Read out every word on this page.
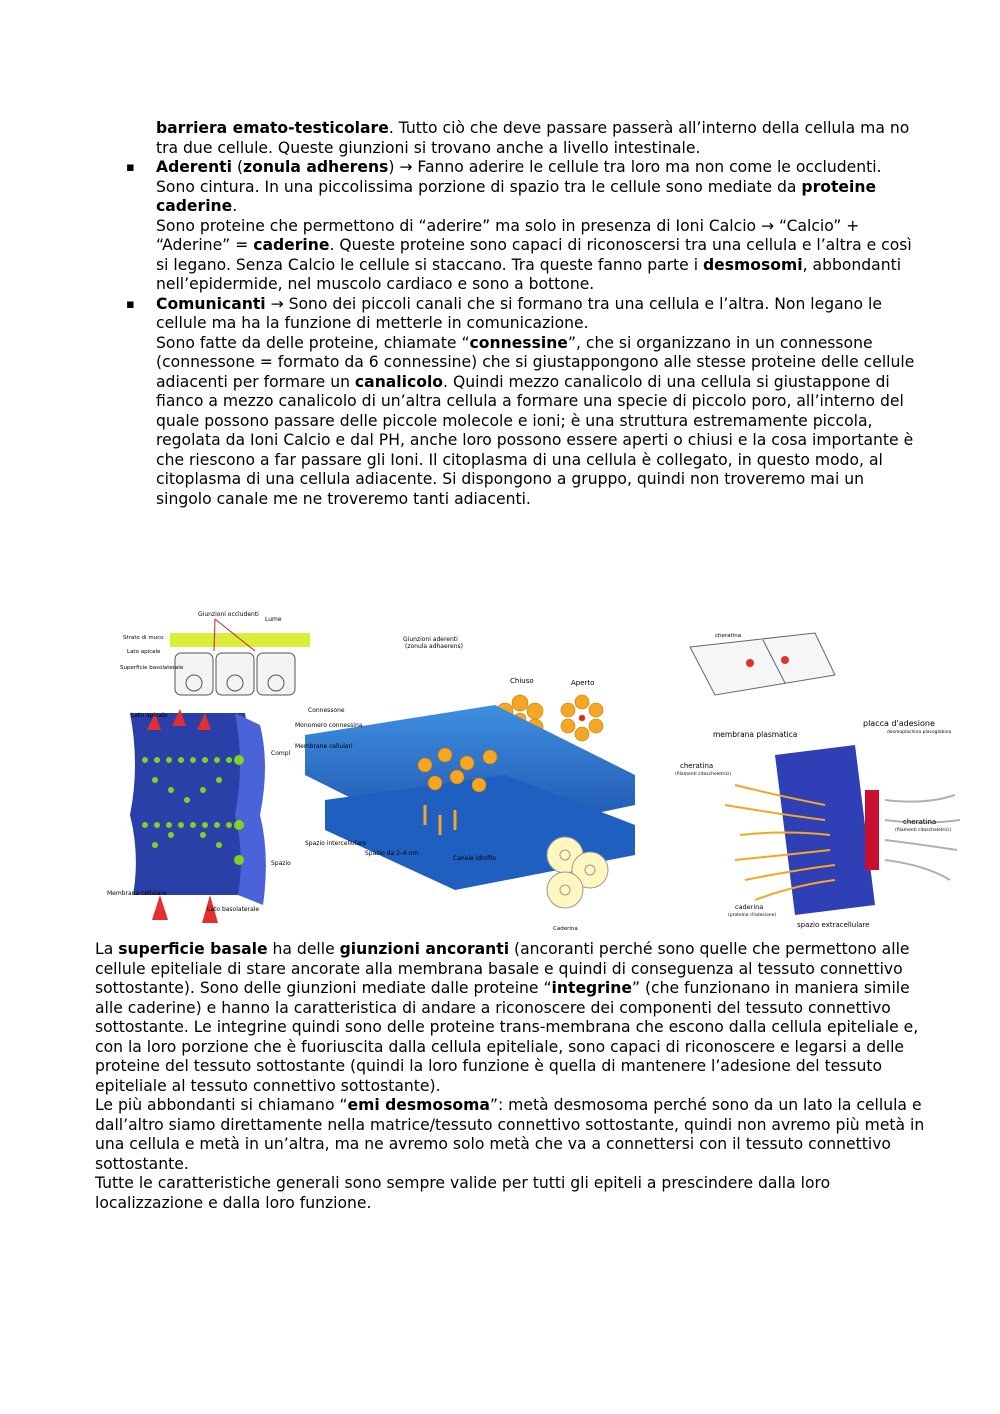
barriera emato-testicolare. Tutto ciò che deve passare passerà all’interno della cellula ma no tra due cellule. Queste giunzioni si trovano anche a livello intestinale.

▪ Aderenti (zonula adherens) → Fanno aderire le cellule tra loro ma non come le occludenti. Sono cintura. In una piccolissima porzione di spazio tra le cellule sono mediate da proteine caderine.

Sono proteine che permettono di “aderire” ma solo in presenza di Ioni Calcio → “Calcio” + “Aderine” = caderine. Queste proteine sono capaci di riconoscersi tra una cellula e l’altra e così si legano. Senza Calcio le cellule si staccano. Tra queste fanno parte i desmosomi, abbondanti nell’epidermide, nel muscolo cardiaco e sono a bottone.

▪ Comunicanti → Sono dei piccoli canali che si formano tra una cellula e l’altra. Non legano le cellule ma ha la funzione di metterle in comunicazione.

Sono fatte da delle proteine, chiamate “connessine”, che si organizzano in un connessone (connessone = formato da 6 connessine) che si giustappongono alle stesse proteine delle cellule adiacenti per formare un canalicolo. Quindi mezzo canalicolo di una cellula si giustappone di fianco a mezzo canalicolo di un’altra cellula a formare una specie di piccolo poro, all’interno del quale possono passare delle piccole molecole e ioni; è una struttura estremamente piccola, regolata da Ioni Calcio e dal PH, anche loro possono essere aperti o chiusi e la cosa importante è che riescono a far passare gli Ioni. Il citoplasma di una cellula è collegato, in questo modo, al citoplasma di una cellula adiacente. Si dispongono a gruppo, quindi non troveremo mai un singolo canale me ne troveremo tanti adiacenti.

Giunzioni occludenti
Lume
Strato di muco
Lato apicale
Superficie basolaterale
Lato apicale
Compl
Spazio
Membrana cellulare
Lato basolaterale
Giunzioni aderenti
(zonula adhaerens)
Chiuso	Aperto
Connessone
Monomero connessina
Membrane cellulari
Spazio intercellulare
Spazio da 2–4 nm
Canale idrofilo
Caderina
cheratina
placca d'adesione
desmoplachina placoglobina
membrana plasmatica
cheratina
(filamenti citoscheletrici)
cheratina
(filamenti citoscheletrici)
caderina
(proteina d'adesione)
spazio extracellulare

La superficie basale ha delle giunzioni ancoranti (ancoranti perché sono quelle che permettono alle cellule epiteliale di stare ancorate alla membrana basale e quindi di conseguenza al tessuto connettivo sottostante). Sono delle giunzioni mediate dalle proteine “integrine” (che funzionano in maniera simile alle caderine) e hanno la caratteristica di andare a riconoscere dei componenti del tessuto connettivo sottostante. Le integrine quindi sono delle proteine trans-membrana che escono dalla cellula epiteliale e, con la loro porzione che è fuoriuscita dalla cellula epiteliale, sono capaci di riconoscere e legarsi a delle proteine del tessuto sottostante (quindi la loro funzione è quella di mantenere l’adesione del tessuto epiteliale al tessuto connettivo sottostante).

Le più abbondanti si chiamano “emi desmosoma”: metà desmosoma perché sono da un lato la cellula e dall’altro siamo direttamente nella matrice/tessuto connettivo sottostante, quindi non avremo più metà in una cellula e metà in un’altra, ma ne avremo solo metà che va a connettersi con il tessuto connettivo sottostante.

Tutte le caratteristiche generali sono sempre valide per tutti gli epiteli a prescindere dalla loro localizzazione e dalla loro funzione.
